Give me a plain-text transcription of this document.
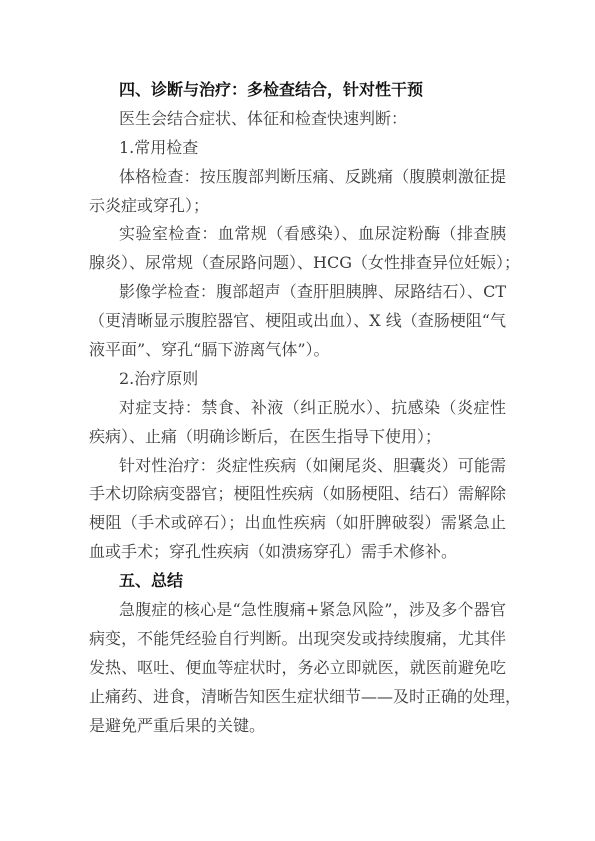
四、诊断与治疗：多检查结合，针对性干预
医生会结合症状、体征和检查快速判断：
1.常用检查
体格检查：按压腹部判断压痛、反跳痛（腹膜刺激征提
示炎症或穿孔）；
实验室检查：血常规（看感染）、血尿淀粉酶（排查胰
腺炎）、尿常规（查尿路问题）、HCG（女性排查异位妊娠）；
影像学检查：腹部超声（查肝胆胰脾、尿路结石）、CT
（更清晰显示腹腔器官、梗阻或出血）、X 线（查肠梗阻“气
液平面”、穿孔“膈下游离气体”）。
2.治疗原则
对症支持：禁食、补液（纠正脱水）、抗感染（炎症性
疾病）、止痛（明确诊断后，在医生指导下使用）；
针对性治疗：炎症性疾病（如阑尾炎、胆囊炎）可能需
手术切除病变器官；梗阻性疾病（如肠梗阻、结石）需解除
梗阻（手术或碎石）；出血性疾病（如肝脾破裂）需紧急止
血或手术；穿孔性疾病（如溃疡穿孔）需手术修补。
五、总结
急腹症的核心是“急性腹痛+紧急风险”，涉及多个器官
病变，不能凭经验自行判断。出现突发或持续腹痛，尤其伴
发热、呕吐、便血等症状时，务必立即就医，就医前避免吃
止痛药、进食，清晰告知医生症状细节——及时正确的处理，
是避免严重后果的关键。
